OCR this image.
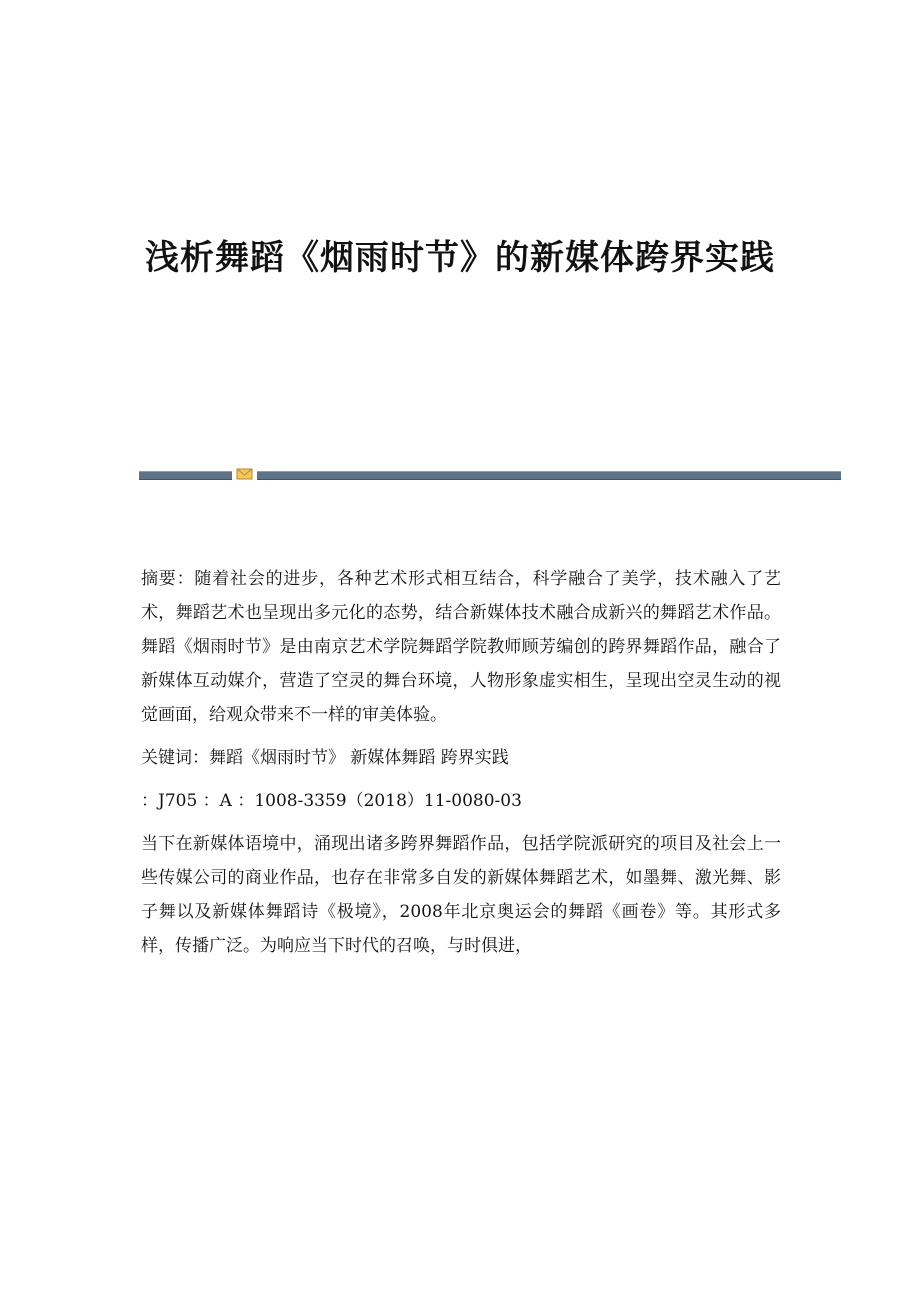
浅析舞蹈《烟雨时节》的新媒体跨界实践

摘要：随着社会的进步，各种艺术形式相互结合，科学融合了美学，技术融入了艺术，舞蹈艺术也呈现出多元化的态势，结合新媒体技术融合成新兴的舞蹈艺术作品。舞蹈《烟雨时节》是由南京艺术学院舞蹈学院教师顾芳编创的跨界舞蹈作品，融合了新媒体互动媒介，营造了空灵的舞台环境，人物形象虚实相生，呈现出空灵生动的视觉画面，给观众带来不一样的审美体验。

关键词：舞蹈《烟雨时节》 新媒体舞蹈 跨界实践

：J705 ：A ：1008-3359（2018）11-0080-03

当下在新媒体语境中，涌现出诸多跨界舞蹈作品，包括学院派研究的项目及社会上一些传媒公司的商业作品，也存在非常多自发的新媒体舞蹈艺术，如墨舞、激光舞、影子舞以及新媒体舞蹈诗《极境》，2008年北京奥运会的舞蹈《画卷》等。其形式多样，传播广泛。为响应当下时代的召唤，与时俱进，
